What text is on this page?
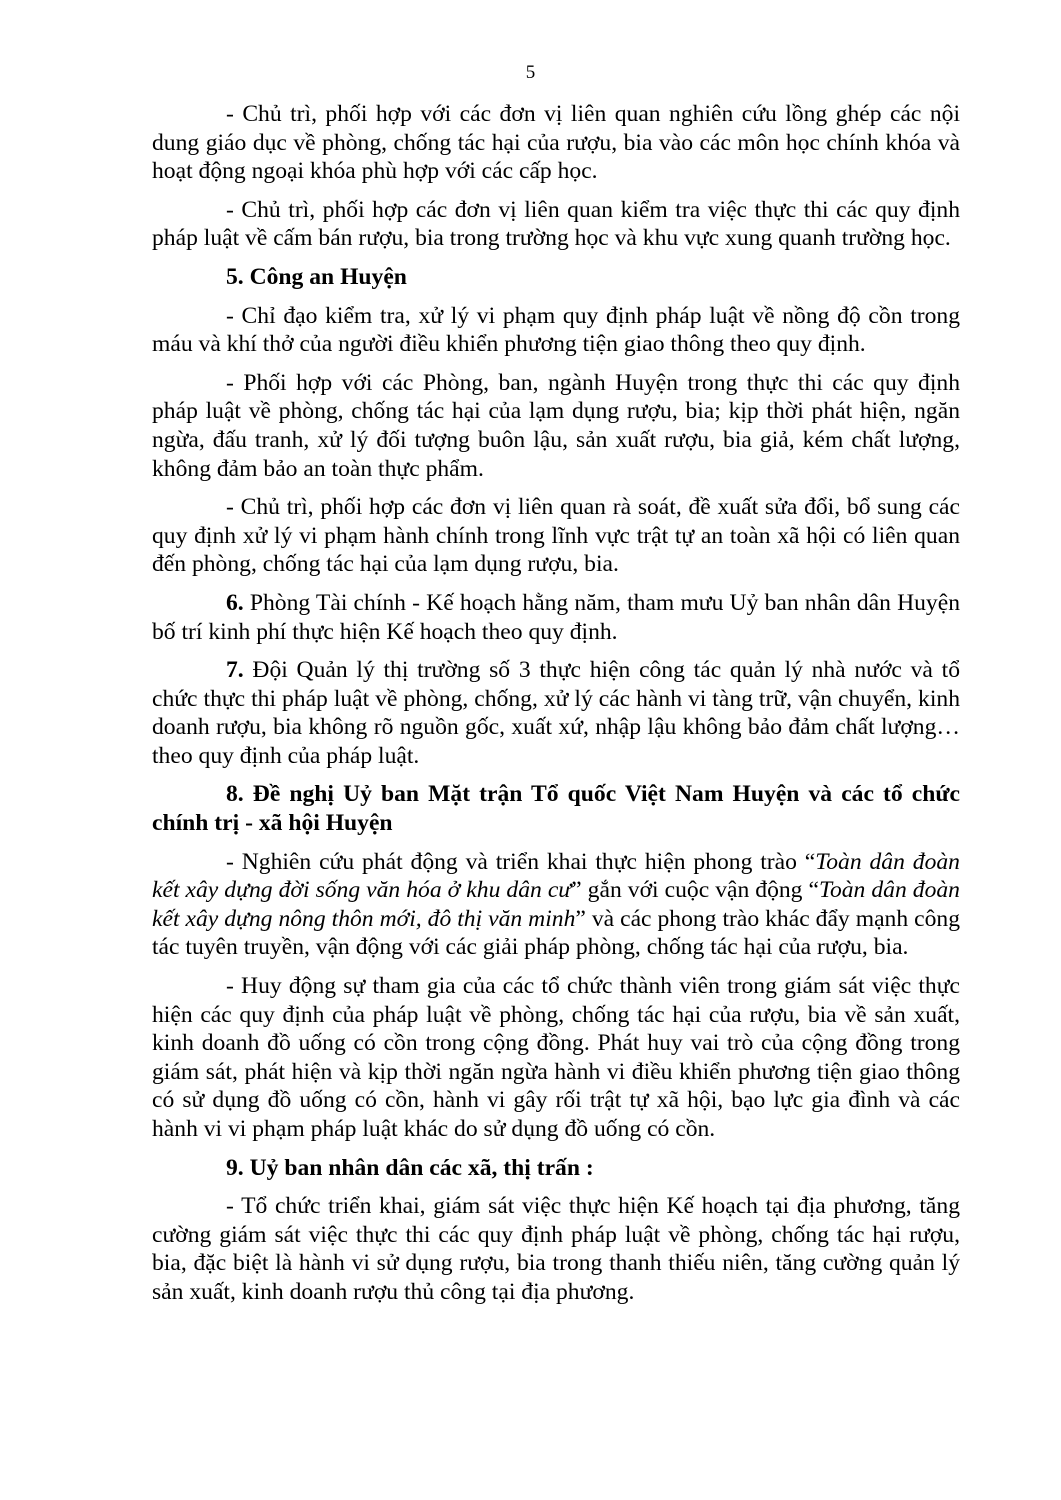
5

- Chủ trì, phối hợp với các đơn vị liên quan nghiên cứu lồng ghép các nội dung giáo dục về phòng, chống tác hại của rượu, bia vào các môn học chính khóa và hoạt động ngoại khóa phù hợp với các cấp học.

- Chủ trì, phối hợp các đơn vị liên quan kiểm tra việc thực thi các quy định pháp luật về cấm bán rượu, bia trong trường học và khu vực xung quanh trường học.

5. Công an Huyện

- Chỉ đạo kiểm tra, xử lý vi phạm quy định pháp luật về nồng độ cồn trong máu và khí thở của người điều khiển phương tiện giao thông theo quy định.

- Phối hợp với các Phòng, ban, ngành Huyện trong thực thi các quy định pháp luật về phòng, chống tác hại của lạm dụng rượu, bia; kịp thời phát hiện, ngăn ngừa, đấu tranh, xử lý đối tượng buôn lậu, sản xuất rượu, bia giả, kém chất lượng, không đảm bảo an toàn thực phẩm.

- Chủ trì, phối hợp các đơn vị liên quan rà soát, đề xuất sửa đổi, bổ sung các quy định xử lý vi phạm hành chính trong lĩnh vực trật tự an toàn xã hội có liên quan đến phòng, chống tác hại của lạm dụng rượu, bia.

6. Phòng Tài chính - Kế hoạch hằng năm, tham mưu Uỷ ban nhân dân Huyện bố trí kinh phí thực hiện Kế hoạch theo quy định.

7. Đội Quản lý thị trường số 3 thực hiện công tác quản lý nhà nước và tổ chức thực thi pháp luật về phòng, chống, xử lý các hành vi tàng trữ, vận chuyển, kinh doanh rượu, bia không rõ nguồn gốc, xuất xứ, nhập lậu không bảo đảm chất lượng… theo quy định của pháp luật.

8. Đề nghị Uỷ ban Mặt trận Tổ quốc Việt Nam Huyện và các tổ chức chính trị - xã hội Huyện

- Nghiên cứu phát động và triển khai thực hiện phong trào “Toàn dân đoàn kết xây dựng đời sống văn hóa ở khu dân cư” gắn với cuộc vận động “Toàn dân đoàn kết xây dựng nông thôn mới, đô thị văn minh” và các phong trào khác đẩy mạnh công tác tuyên truyền, vận động với các giải pháp phòng, chống tác hại của rượu, bia.

- Huy động sự tham gia của các tổ chức thành viên trong giám sát việc thực hiện các quy định của pháp luật về phòng, chống tác hại của rượu, bia về sản xuất, kinh doanh đồ uống có cồn trong cộng đồng. Phát huy vai trò của cộng đồng trong giám sát, phát hiện và kịp thời ngăn ngừa hành vi điều khiển phương tiện giao thông có sử dụng đồ uống có cồn, hành vi gây rối trật tự xã hội, bạo lực gia đình và các hành vi vi phạm pháp luật khác do sử dụng đồ uống có cồn.

9. Uỷ ban nhân dân các xã, thị trấn :

- Tổ chức triển khai, giám sát việc thực hiện Kế hoạch tại địa phương, tăng cường giám sát việc thực thi các quy định pháp luật về phòng, chống tác hại rượu, bia, đặc biệt là hành vi sử dụng rượu, bia trong thanh thiếu niên, tăng cường quản lý sản xuất, kinh doanh rượu thủ công tại địa phương.
